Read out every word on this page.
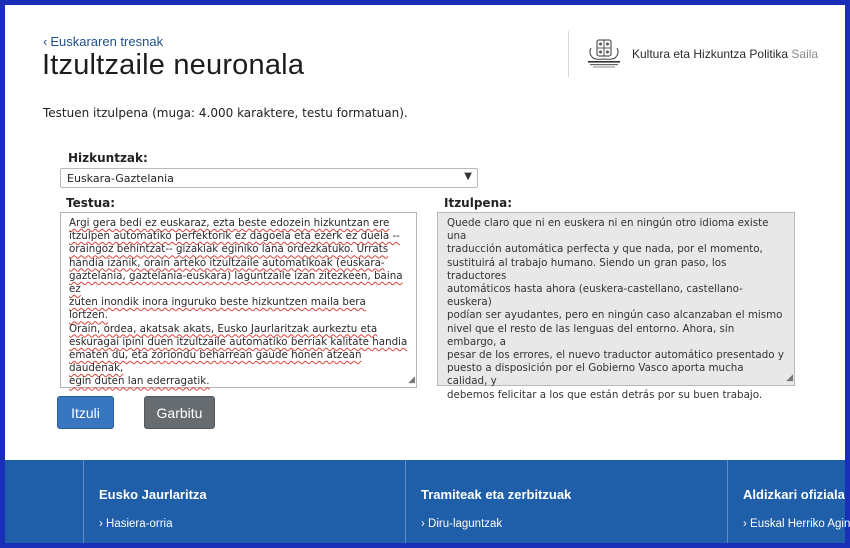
‹ Euskararen tresnak
Itzultzaile neuronala	Kultura eta Hizkuntza Politika Saila
Testuen itzulpena (muga: 4.000 karaktere, testu formatuan).
Hizkuntzak:
Euskara-Gaztelania	▼
Testua:	Itzulpena:
Argi gera bedi ez euskaraz, ezta beste edozein hizkuntzan ere
itzulpen automatiko perfektorik ez dagoela eta ezerk ez duela --
oraingoz behintzat-- gizakiak eginiko lana ordezkatuko. Urrats
handia izanik, orain arteko itzultzaile automatikoak (euskara-
gaztelania, gaztelania-euskara) laguntzaile izan zitezkeen, baina ez
zuten inondik inora inguruko beste hizkuntzen maila bera lortzen.
Orain, ordea, akatsak akats, Eusko Jaurlaritzak aurkeztu eta
eskuragai ipini duen itzultzaile automatiko berriak kalitate handia
ematen du, eta zoriondu beharrean gaude honen atzean daudenak,
egin duten lan ederragatik.	◢
Quede claro que ni en euskera ni en ningún otro idioma existe una
traducción automática perfecta y que nada, por el momento,
sustituirá al trabajo humano. Siendo un gran paso, los traductores
automáticos hasta ahora (euskera-castellano, castellano-euskera)
podían ser ayudantes, pero en ningún caso alcanzaban el mismo
nivel que el resto de las lenguas del entorno. Ahora, sin embargo, a
pesar de los errores, el nuevo traductor automático presentado y
puesto a disposición por el Gobierno Vasco aporta mucha calidad, y
debemos felicitar a los que están detrás por su buen trabajo.
◢
Itzuli	Garbitu
Eusko Jaurlaritza
› Hasiera-orria
Tramiteak eta zerbitzuak
› Diru-laguntzak
Aldizkari ofiziala
› Euskal Herriko Agin
